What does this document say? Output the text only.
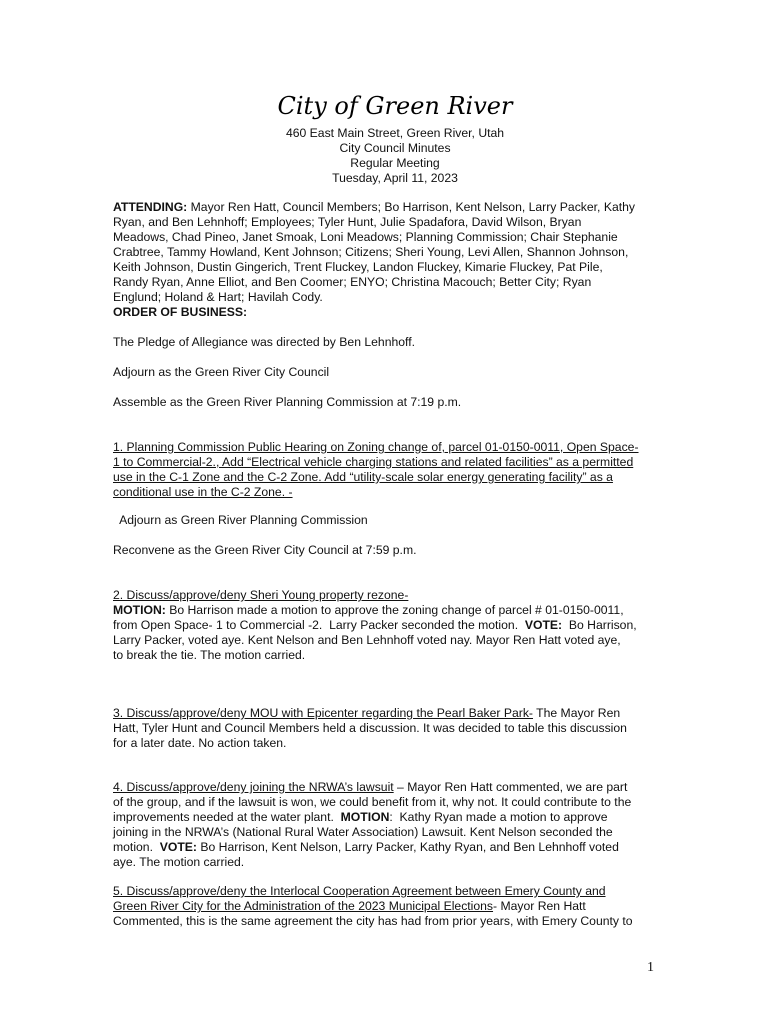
City of Green River
460 East Main Street, Green River, Utah
City Council Minutes
Regular Meeting
Tuesday, April 11, 2023
ATTENDING: Mayor Ren Hatt, Council Members; Bo Harrison, Kent Nelson, Larry Packer, Kathy
Ryan, and Ben Lehnhoff; Employees; Tyler Hunt, Julie Spadafora, David Wilson, Bryan
Meadows, Chad Pineo, Janet Smoak, Loni Meadows; Planning Commission; Chair Stephanie
Crabtree, Tammy Howland, Kent Johnson; Citizens; Sheri Young, Levi Allen, Shannon Johnson,
Keith Johnson, Dustin Gingerich, Trent Fluckey, Landon Fluckey, Kimarie Fluckey, Pat Pile,
Randy Ryan, Anne Elliot, and Ben Coomer; ENYO; Christina Macouch; Better City; Ryan
Englund; Holand & Hart; Havilah Cody.
ORDER OF BUSINESS:
The Pledge of Allegiance was directed by Ben Lehnhoff.
Adjourn as the Green River City Council
Assemble as the Green River Planning Commission at 7:19 p.m.
1. Planning Commission Public Hearing on Zoning change of, parcel 01-0150-0011, Open Space-
1 to Commercial-2., Add “Electrical vehicle charging stations and related facilities” as a permitted
use in the C-1 Zone and the C-2 Zone. Add “utility-scale solar energy generating facility” as a
conditional use in the C-2 Zone. -
Adjourn as Green River Planning Commission
Reconvene as the Green River City Council at 7:59 p.m.
2. Discuss/approve/deny Sheri Young property rezone-
MOTION: Bo Harrison made a motion to approve the zoning change of parcel # 01-0150-0011,
from Open Space- 1 to Commercial -2.  Larry Packer seconded the motion.  VOTE:  Bo Harrison,
Larry Packer, voted aye. Kent Nelson and Ben Lehnhoff voted nay. Mayor Ren Hatt voted aye,
to break the tie. The motion carried.
3. Discuss/approve/deny MOU with Epicenter regarding the Pearl Baker Park- The Mayor Ren
Hatt, Tyler Hunt and Council Members held a discussion. It was decided to table this discussion
for a later date. No action taken.
4. Discuss/approve/deny joining the NRWA’s lawsuit – Mayor Ren Hatt commented, we are part
of the group, and if the lawsuit is won, we could benefit from it, why not. It could contribute to the
improvements needed at the water plant.  MOTION:  Kathy Ryan made a motion to approve
joining in the NRWA’s (National Rural Water Association) Lawsuit. Kent Nelson seconded the
motion.  VOTE: Bo Harrison, Kent Nelson, Larry Packer, Kathy Ryan, and Ben Lehnhoff voted
aye. The motion carried.
5. Discuss/approve/deny the Interlocal Cooperation Agreement between Emery County and
Green River City for the Administration of the 2023 Municipal Elections- Mayor Ren Hatt
Commented, this is the same agreement the city has had from prior years, with Emery County to
1
